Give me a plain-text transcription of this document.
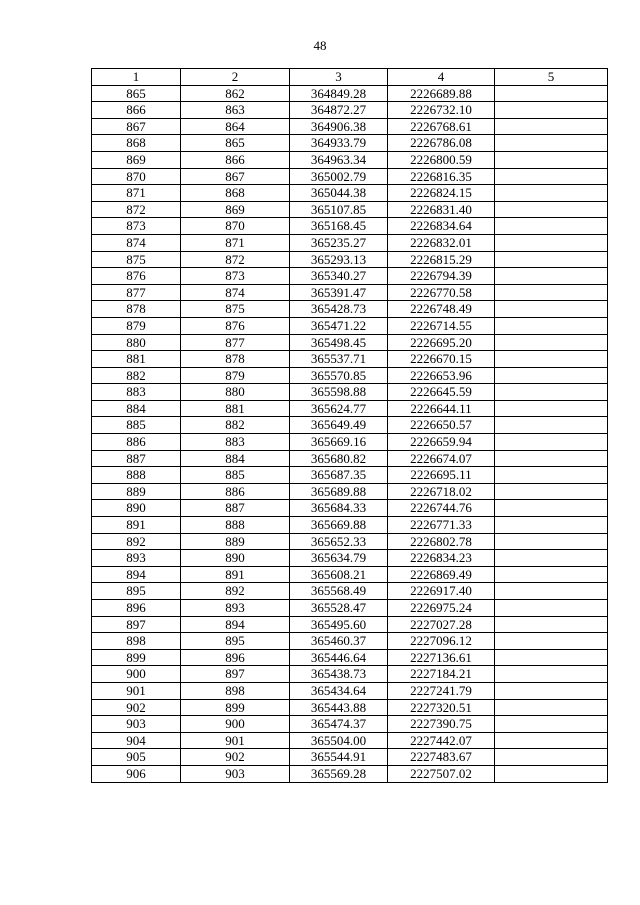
48
1	2	3	4	5
865	862	364849.28	2226689.88	
866	863	364872.27	2226732.10	
867	864	364906.38	2226768.61	
868	865	364933.79	2226786.08	
869	866	364963.34	2226800.59	
870	867	365002.79	2226816.35	
871	868	365044.38	2226824.15	
872	869	365107.85	2226831.40	
873	870	365168.45	2226834.64	
874	871	365235.27	2226832.01	
875	872	365293.13	2226815.29	
876	873	365340.27	2226794.39	
877	874	365391.47	2226770.58	
878	875	365428.73	2226748.49	
879	876	365471.22	2226714.55	
880	877	365498.45	2226695.20	
881	878	365537.71	2226670.15	
882	879	365570.85	2226653.96	
883	880	365598.88	2226645.59	
884	881	365624.77	2226644.11	
885	882	365649.49	2226650.57	
886	883	365669.16	2226659.94	
887	884	365680.82	2226674.07	
888	885	365687.35	2226695.11	
889	886	365689.88	2226718.02	
890	887	365684.33	2226744.76	
891	888	365669.88	2226771.33	
892	889	365652.33	2226802.78	
893	890	365634.79	2226834.23	
894	891	365608.21	2226869.49	
895	892	365568.49	2226917.40	
896	893	365528.47	2226975.24	
897	894	365495.60	2227027.28	
898	895	365460.37	2227096.12	
899	896	365446.64	2227136.61	
900	897	365438.73	2227184.21	
901	898	365434.64	2227241.79	
902	899	365443.88	2227320.51	
903	900	365474.37	2227390.75	
904	901	365504.00	2227442.07	
905	902	365544.91	2227483.67	
906	903	365569.28	2227507.02	
